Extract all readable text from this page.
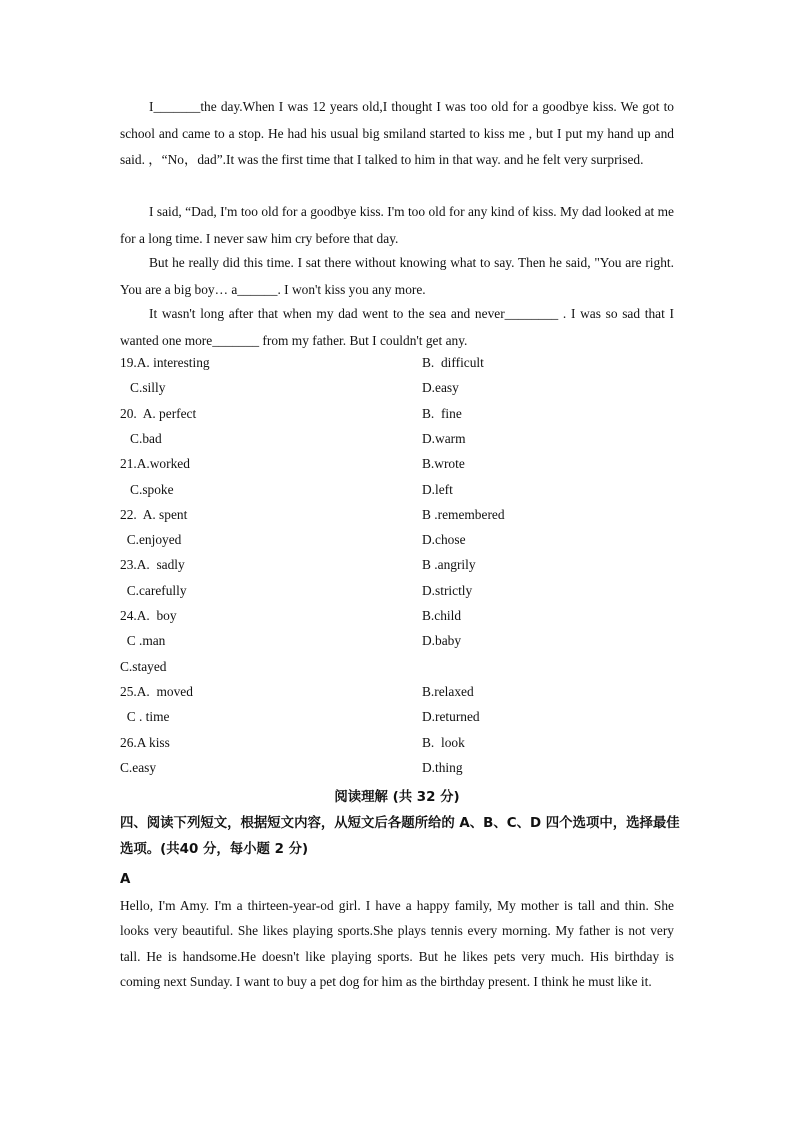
I_______the day.When I was 12 years old,I thought I was too old for a goodbye kiss. We got to school and came to a stop. He had his usual big smiland started to kiss me , but I put my hand up and said. ，“No，dad”.It was the first time that I talked to him in that way. and he felt very surprised.

I said, “Dad, I'm too old for a goodbye kiss. I'm too old for any kind of kiss. My dad looked at me for a long time. I never saw him cry before that day.

But he really did this time. I sat there without knowing what to say. Then he said, "You are right. You are a big boy… a______. I won't kiss you any more.

It wasn't long after that when my dad went to the sea and never________ . I was so sad that I wanted one more_______ from my father. But I couldn't get any.

19.A. interesting	B.  difficult
C.silly	D.easy
20.  A. perfect	B.  fine
C.bad	D.warm
21.A.worked	B.wrote
C.spoke	D.left
22.  A. spent	B .remembered
C.enjoyed	D.chose
23.A.  sadly	B .angrily
C.carefully	D.strictly
24.A.  boy	B.child
C .man	D.baby
C.stayed
25.A.  moved	B.relaxed
C . time	D.returned
26.A kiss	B.  look
C.easy	D.thing
阅读理解 (共 32 分)

四、阅读下列短文，根据短文内容，从短文后各题所给的 A、B、C、D 四个选项中，选择最佳选项。(共40 分，每小题 2 分)

A

Hello, I'm Amy. I'm a thirteen-year-od girl. I have a happy family, My mother is tall and thin. She looks very beautiful. She likes playing sports.She plays tennis every morning. My father is not very tall. He is handsome.He doesn't like playing sports. But he likes pets very much. His birthday is coming next Sunday. I want to buy a pet dog for him as the birthday present. I think he must like it.
